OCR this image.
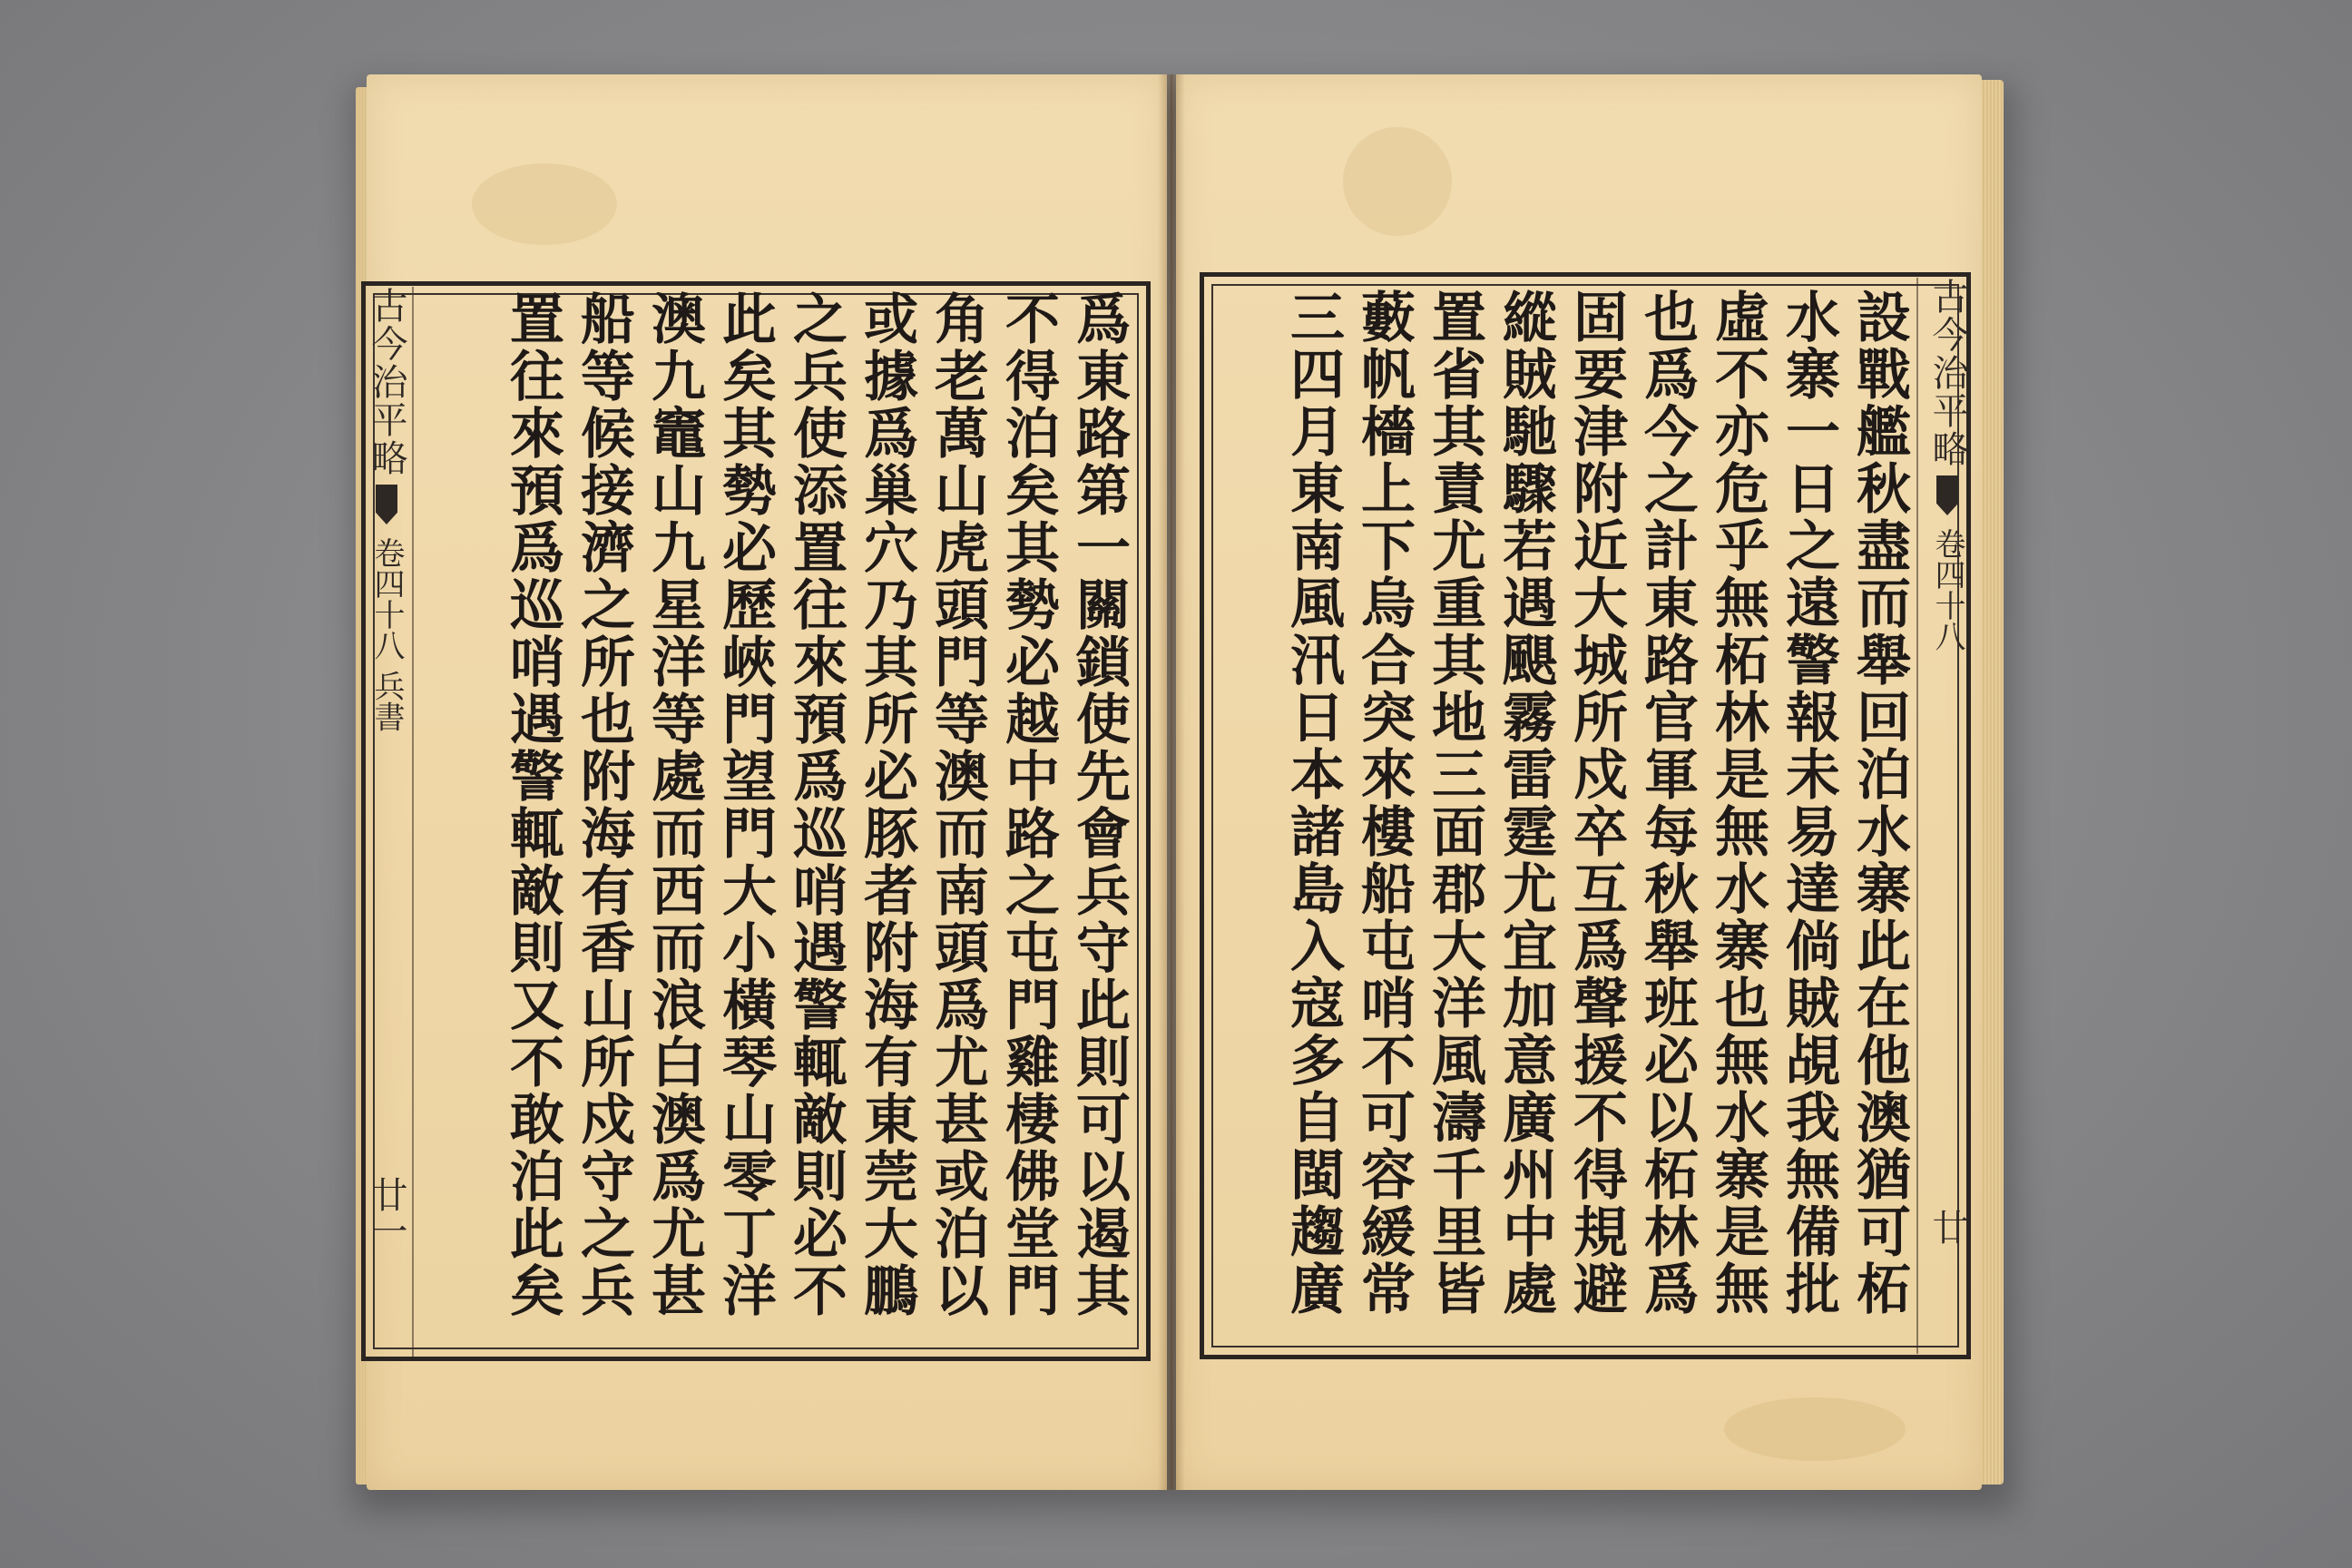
古今治平略
卷四十八 兵書
廿一
古今治平略
卷四十八
廿
爲東路第一關鎖使先會兵守此則可以遏其
不得泊矣其勢必越中路之屯門雞棲佛堂門
角老萬山虎頭門等澳而南頭爲尤甚或泊以
或據爲巢穴乃其所必豚者附海有東莞大鵬
之兵使添置往來預爲巡哨遇警輒敵則必不
此矣其勢必歷峽門望門大小橫琴山零丁洋
澳九竈山九星洋等處而西而浪白澳爲尤甚
船等候接濟之所也附海有香山所戍守之兵
置往來預爲巡哨遇警輒敵則又不敢泊此矣
設戰艦秋盡而舉回泊水寨此在他澳猶可柘
水寨一日之遠警報未易達倘賊覘我無備批
虛不亦危乎無柘林是無水寨也無水寨是無
也爲今之計東路官軍每秋舉班必以柘林爲
固要津附近大城所戍卒互爲聲援不得規避
縱賊馳驟若遇颶霧雷霆尤宜加意廣州中處
置省其責尤重其地三面郡大洋風濤千里皆
藪帆檣上下烏合突來樓船屯哨不可容緩常
三四月東南風汛日本諸島入寇多自閩趨廣
